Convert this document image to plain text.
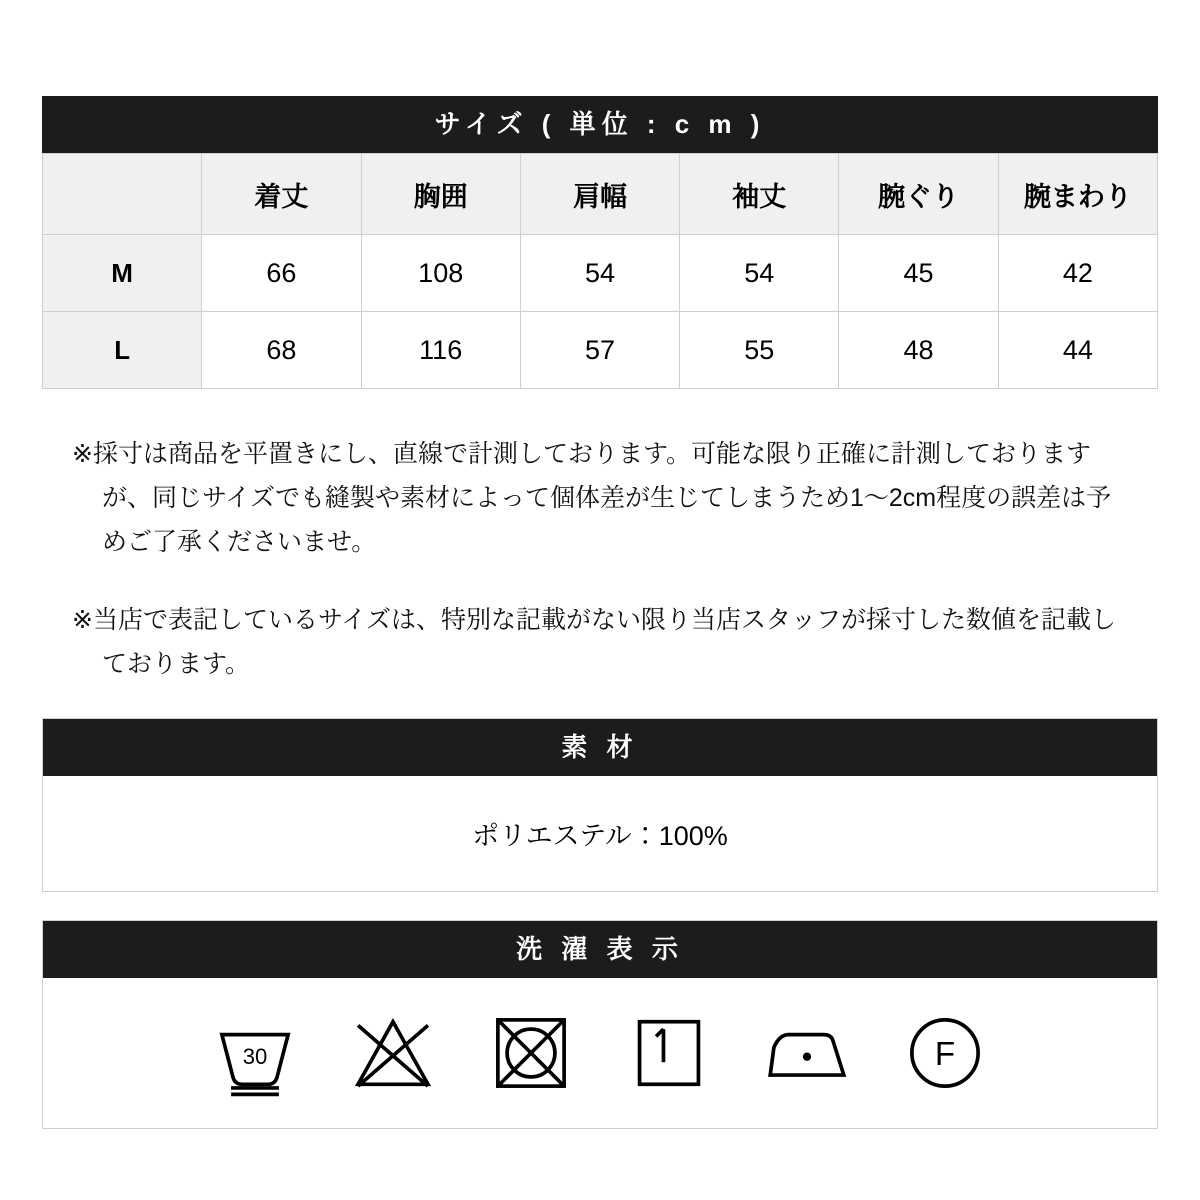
サイズ ( 単位 : c m )
	着丈	胸囲	肩幅	袖丈	腕ぐり	腕まわり
M	66	108	54	54	45	42
L	68	116	57	55	48	44
※採寸は商品を平置きにし、直線で計測しております。可能な限り正確に計測しておりますが、同じサイズでも縫製や素材によって個体差が生じてしまうため1〜2cm程度の誤差は予めご了承くださいませ。
※当店で表記しているサイズは、特別な記載がない限り当店スタッフが採寸した数値を記載しております。
素 材
ポリエステル：100%
洗 濯 表 示
30	F
